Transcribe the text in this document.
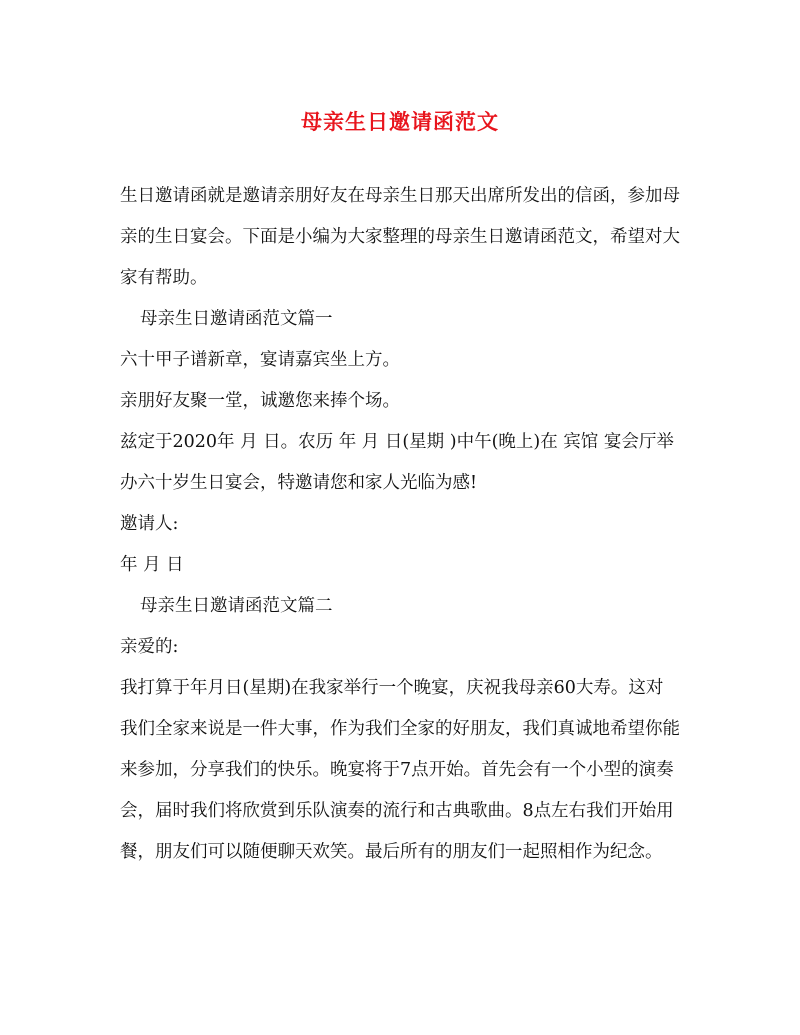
母亲生日邀请函范文

生日邀请函就是邀请亲朋好友在母亲生日那天出席所发出的信函，参加母亲的生日宴会。下面是小编为大家整理的母亲生日邀请函范文，希望对大家有帮助。

母亲生日邀请函范文篇一

六十甲子谱新章，宴请嘉宾坐上方。

亲朋好友聚一堂，诚邀您来捧个场。

兹定于2020年 月 日。农历 年 月 日(星期 )中午(晚上)在 宾馆 宴会厅举办六十岁生日宴会，特邀请您和家人光临为感!

邀请人:

年 月 日

母亲生日邀请函范文篇二

亲爱的:

我打算于年月日(星期)在我家举行一个晚宴，庆祝我母亲60大寿。这对我们全家来说是一件大事，作为我们全家的好朋友，我们真诚地希望你能来参加，分享我们的快乐。晚宴将于7点开始。首先会有一个小型的演奏会，届时我们将欣赏到乐队演奏的流行和古典歌曲。8点左右我们开始用餐，朋友们可以随便聊天欢笑。最后所有的朋友们一起照相作为纪念。
